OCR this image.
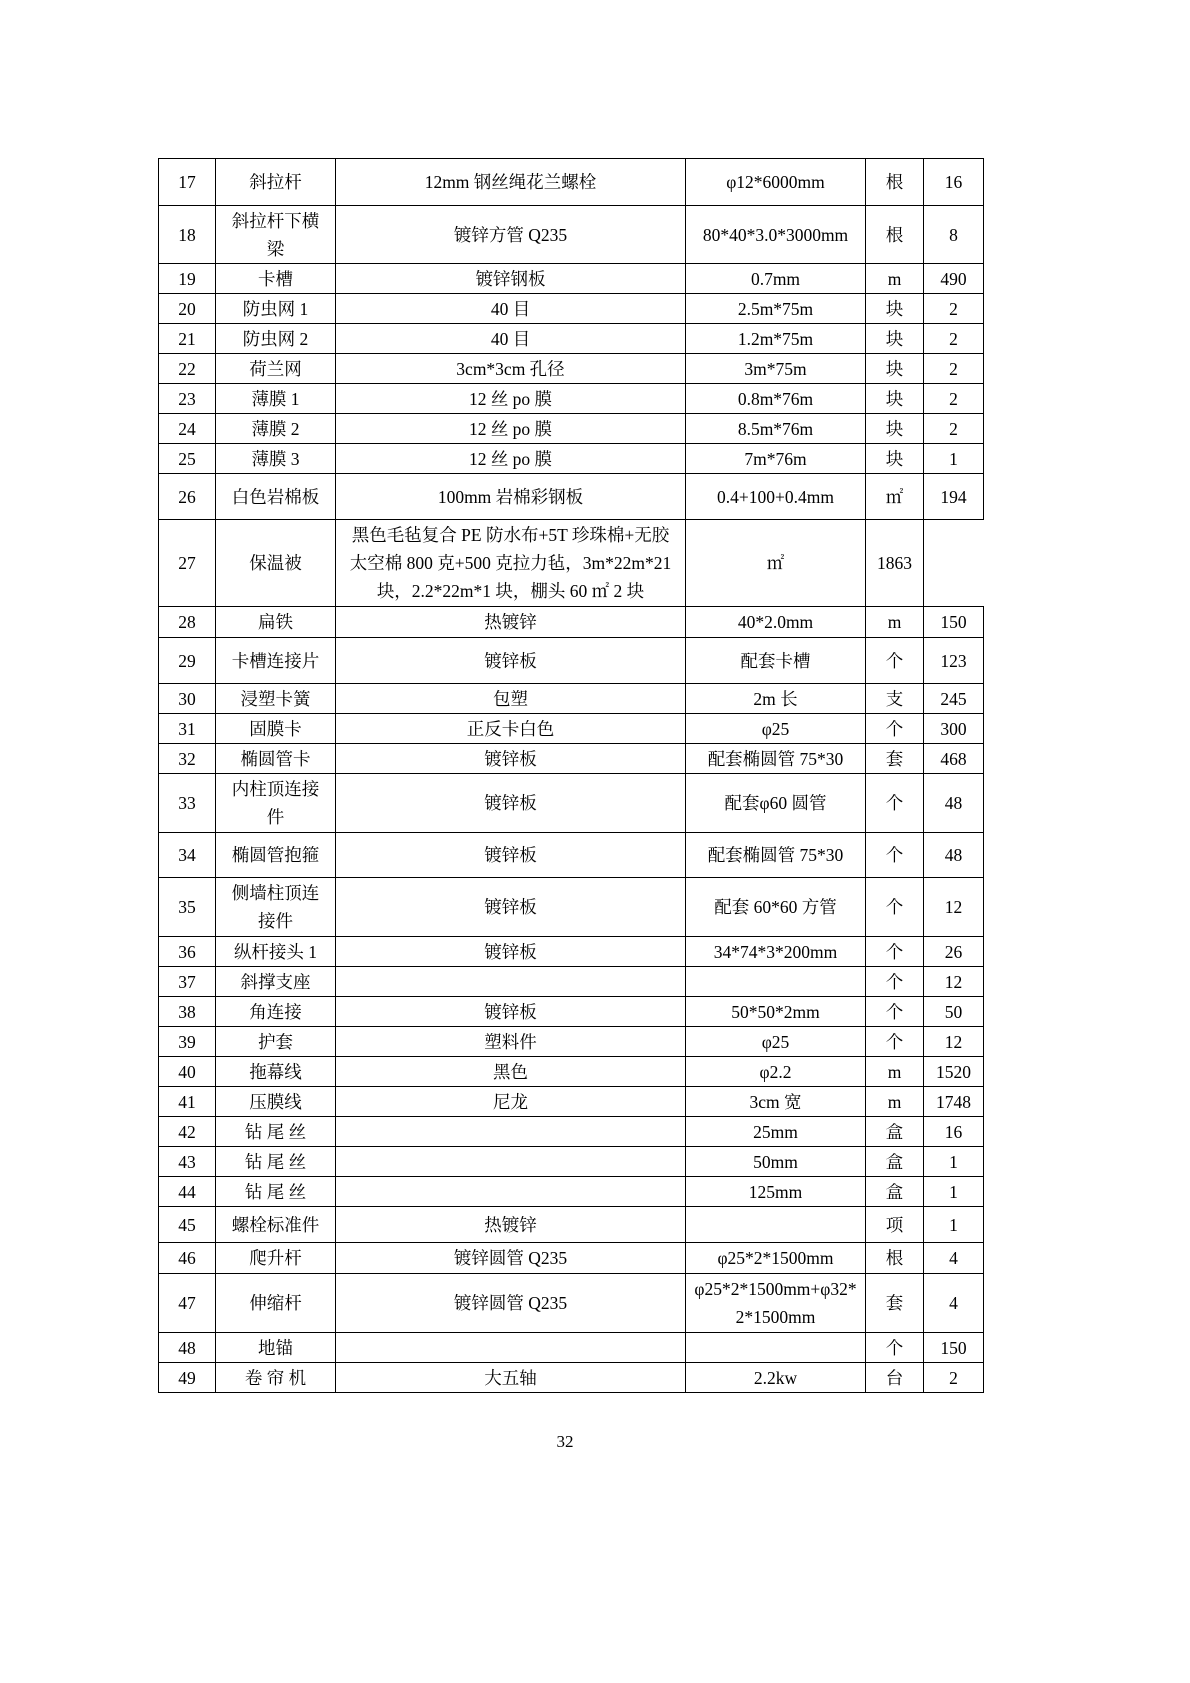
17	斜拉杆	12mm 钢丝绳花兰螺栓	φ12*6000mm	根	16
18	斜拉杆下横梁	镀锌方管 Q235	80*40*3.0*3000mm	根	8
19	卡槽	镀锌钢板	0.7mm	m	490
20	防虫网 1	40 目	2.5m*75m	块	2
21	防虫网 2	40 目	1.2m*75m	块	2
22	荷兰网	3cm*3cm 孔径	3m*75m	块	2
23	薄膜 1	12 丝 po 膜	0.8m*76m	块	2
24	薄膜 2	12 丝 po 膜	8.5m*76m	块	2
25	薄膜 3	12 丝 po 膜	7m*76m	块	1
26	白色岩棉板	100mm 岩棉彩钢板	0.4+100+0.4mm	㎡	194
27	保温被	黑色毛毡复合 PE 防水布+5T 珍珠棉+无胶太空棉 800 克+500 克拉力毡，3m*22m*21 块，2.2*22m*1 块，棚头 60 ㎡ 2 块	㎡	1863	
28	扁铁	热镀锌	40*2.0mm	m	150
29	卡槽连接片	镀锌板	配套卡槽	个	123
30	浸塑卡簧	包塑	2m 长	支	245
31	固膜卡	正反卡白色	φ25	个	300
32	椭圆管卡	镀锌板	配套椭圆管 75*30	套	468
33	内柱顶连接件	镀锌板	配套φ60 圆管	个	48
34	椭圆管抱箍	镀锌板	配套椭圆管 75*30	个	48
35	侧墙柱顶连接件	镀锌板	配套 60*60 方管	个	12
36	纵杆接头 1	镀锌板	34*74*3*200mm	个	26
37	斜撑支座			个	12
38	角连接	镀锌板	50*50*2mm	个	50
39	护套	塑料件	φ25	个	12
40	拖幕线	黑色	φ2.2	m	1520
41	压膜线	尼龙	3cm 宽	m	1748
42	钻 尾 丝		25mm	盒	16
43	钻 尾 丝		50mm	盒	1
44	钻 尾 丝		125mm	盒	1
45	螺栓标准件	热镀锌		项	1
46	爬升杆	镀锌圆管 Q235	φ25*2*1500mm	根	4
47	伸缩杆	镀锌圆管 Q235	φ25*2*1500mm+φ32*2*1500mm	套	4
48	地锚			个	150
49	卷 帘 机	大五轴	2.2kw	台	2
32
